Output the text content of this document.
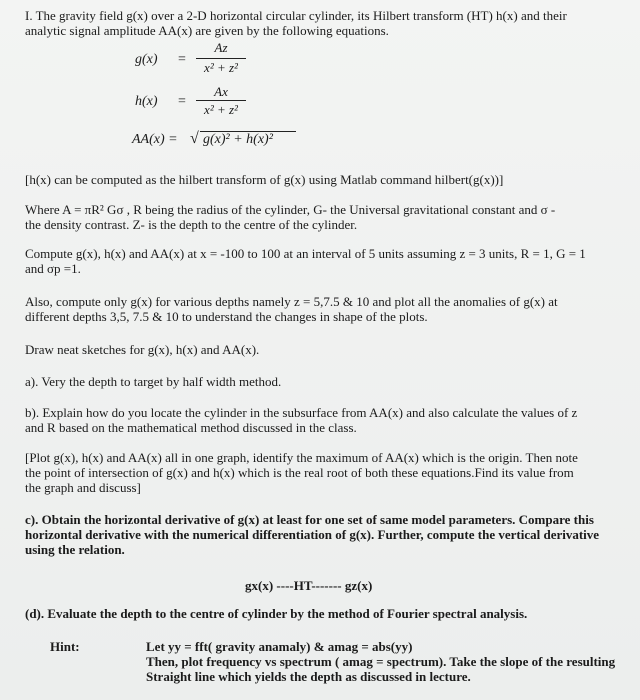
I. The gravity field g(x) over a 2-D horizontal circular cylinder, its Hilbert transform (HT) h(x) and their
analytic signal amplitude AA(x) are given by the following equations.

g(x) =
Az
x² + z²
h(x) =
Ax
x² + z²
AA(x) = √ g(x)² + h(x)²

[h(x) can be computed as the hilbert transform of g(x) using Matlab command hilbert(g(x))]

Where A = πR² Gσ , R being the radius of the cylinder, G- the Universal gravitational constant and σ -
the density contrast. Z- is the depth to the centre of the cylinder.

Compute g(x), h(x) and AA(x) at x = -100 to 100 at an interval of 5 units assuming z = 3 units, R = 1, G = 1
and σp =1.

Also, compute only g(x) for various depths namely z = 5,7.5 & 10 and plot all the anomalies of g(x) at
different depths 3,5, 7.5 & 10 to understand the changes in shape of the plots.

Draw neat sketches for g(x), h(x) and AA(x).

a). Very the depth to target by half width method.

b). Explain how do you locate the cylinder in the subsurface from AA(x) and also calculate the values of z
and R based on the mathematical method discussed in the class.

[Plot g(x), h(x) and AA(x) all in one graph, identify the maximum of AA(x) which is the origin. Then note
the point of intersection of g(x) and h(x) which is the real root of both these equations.Find its value from
the graph and discuss]

c). Obtain the horizontal derivative of g(x) at least for one set of same model parameters. Compare this
horizontal derivative with the numerical differentiation of g(x). Further, compute the vertical derivative
using the relation.

gx(x) ----HT------- gz(x)

(d). Evaluate the depth to the centre of cylinder by the method of Fourier spectral analysis.

Hint:	Let yy = fft( gravity anamaly) & amag = abs(yy)
Then, plot frequency vs spectrum ( amag = spectrum). Take the slope of the resulting
Straight line which yields the depth as discussed in lecture.
